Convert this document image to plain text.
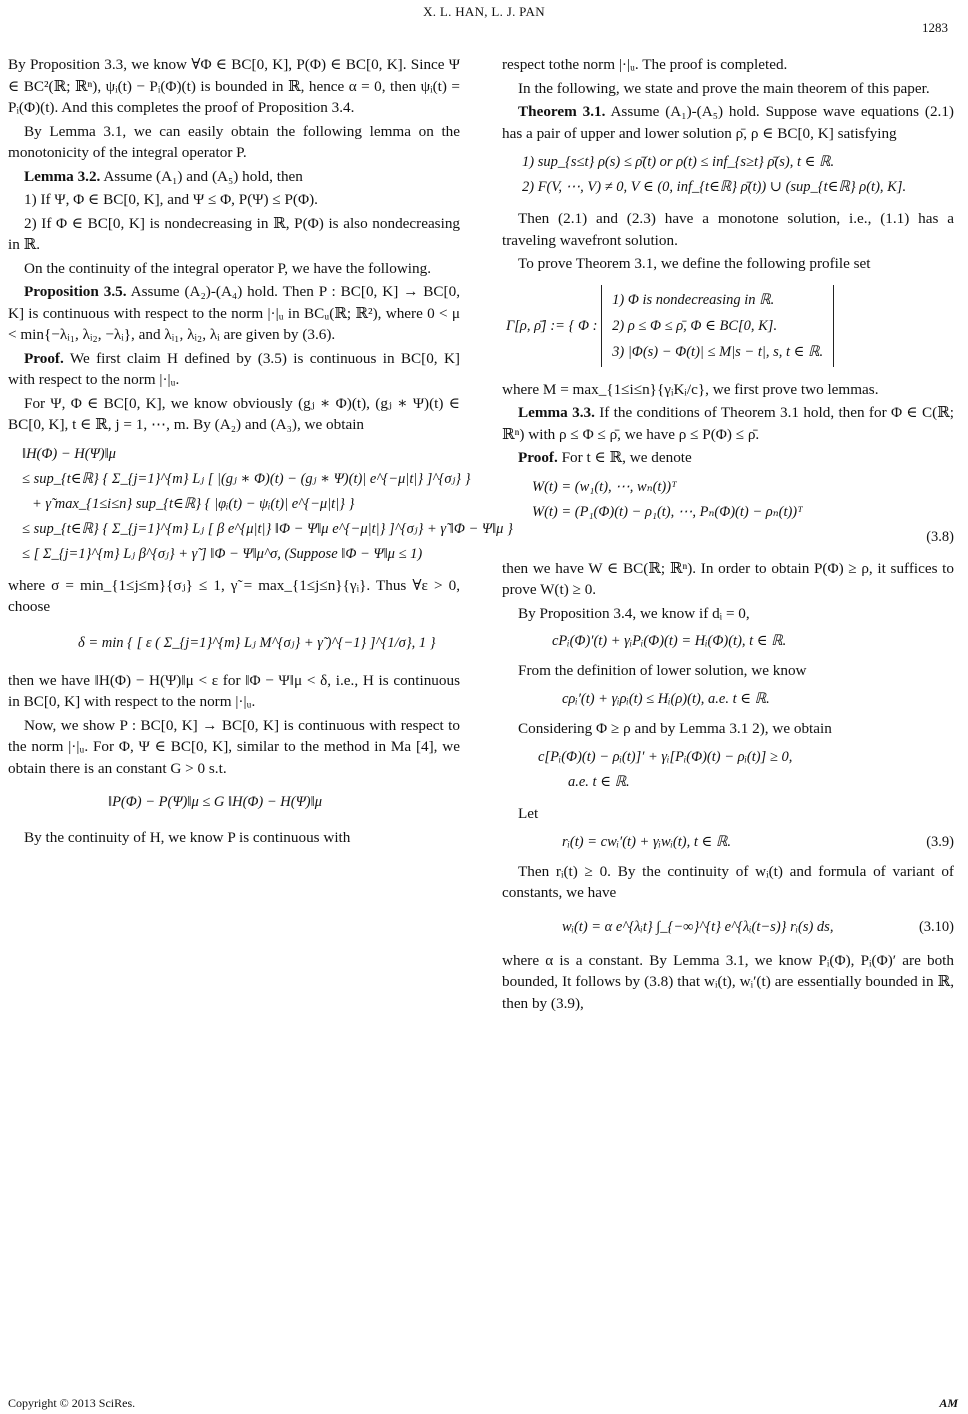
X. L. HAN, L. J. PAN
1283

By Proposition 3.3, we know ∀Φ ∈ BC[0, K], P(Φ) ∈ BC[0, K]. Since Ψ ∈ BC²(ℝ; ℝⁿ), ψᵢ(t) − Pᵢ(Φ)(t) is bounded in ℝ, hence α = 0, then ψᵢ(t) = Pᵢ(Φ)(t). And this completes the proof of Proposition 3.4.

By Lemma 3.1, we can easily obtain the following lemma on the monotonicity of the integral operator P.

Lemma 3.2. Assume (A₁) and (A₅) hold, then

1) If Ψ, Φ ∈ BC[0, K], and Ψ ≤ Φ, P(Ψ) ≤ P(Φ).

2) If Φ ∈ BC[0, K] is nondecreasing in ℝ, P(Φ) is also nondecreasing in ℝ.

On the continuity of the integral operator P, we have the following.

Proposition 3.5. Assume (A₂)-(A₄) hold. Then P : BC[0, K] → BC[0, K] is continuous with respect to the norm |·|ᵤ in BCᵤ(ℝ; ℝ²), where 0 < μ < min{−λᵢ₁, λᵢ₂, −λᵢ}, and λᵢ₁, λᵢ₂, λᵢ are given by (3.6).

Proof. We first claim H defined by (3.5) is continuous in BC[0, K] with respect to the norm |·|ᵤ.

For Ψ, Φ ∈ BC[0, K], we know obviously (gⱼ ∗ Φ)(t), (gⱼ ∗ Ψ)(t) ∈ BC[0, K], t ∈ ℝ, j = 1, ⋯, m. By (A₂) and (A₃), we obtain

‖H(Φ) − H(Ψ)‖μ
≤ sup_{t∈ℝ} { Σ_{j=1}^{m} Lⱼ [ |(gⱼ ∗ Φ)(t) − (gⱼ ∗ Ψ)(t)| e^{−μ|t|} ]^{σⱼ} }
+ γ̃ max_{1≤i≤n} sup_{t∈ℝ} { |φᵢ(t) − ψᵢ(t)| e^{−μ|t|} }
≤ sup_{t∈ℝ} { Σ_{j=1}^{m} Lⱼ [ β e^{μ|t|} ‖Φ − Ψ‖μ e^{−μ|t|} ]^{σⱼ} + γ̃ ‖Φ − Ψ‖μ }
≤ [ Σ_{j=1}^{m} Lⱼ β^{σⱼ} + γ̃ ] ‖Φ − Ψ‖μ^σ, (Suppose ‖Φ − Ψ‖μ ≤ 1)

where σ = min_{1≤j≤m}{σⱼ} ≤ 1, γ̃ = max_{1≤j≤n}{γᵢ}. Thus ∀ε > 0, choose

δ = min { [ ε ( Σ_{j=1}^{m} Lⱼ M^{σⱼ} + γ̃ )^{−1} ]^{1/σ}, 1 }

then we have ‖H(Φ) − H(Ψ)‖μ < ε for ‖Φ − Ψ‖μ < δ, i.e., H is continuous in BC[0, K] with respect to the norm |·|ᵤ.

Now, we show P : BC[0, K] → BC[0, K] is continuous with respect to the norm |·|ᵤ. For Φ, Ψ ∈ BC[0, K], similar to the method in Ma [4], we obtain there is an constant G > 0 s.t.

‖P(Φ) − P(Ψ)‖μ ≤ G ‖H(Φ) − H(Ψ)‖μ

By the continuity of H, we know P is continuous with

respect tothe norm |·|ᵤ. The proof is completed.

In the following, we state and prove the main theorem of this paper.

Theorem 3.1. Assume (A₁)-(A₅) hold. Suppose wave equations (2.1) has a pair of upper and lower solution ρ̄, ρ ∈ BC[0, K] satisfying

1) sup_{s≤t} ρ(s) ≤ ρ̄(t) or ρ(t) ≤ inf_{s≥t} ρ̄(s), t ∈ ℝ.
2) F(V, ⋯, V) ≠ 0, V ∈ (0, inf_{t∈ℝ} ρ̄(t)) ∪ (sup_{t∈ℝ} ρ(t), K].

Then (2.1) and (2.3) have a monotone solution, i.e., (1.1) has a traveling wavefront solution.

To prove Theorem 3.1, we define the following profile set

Γ[ρ, ρ̄] := { Φ :
1) Φ is nondecreasing in ℝ.
2) ρ ≤ Φ ≤ ρ̄, Φ ∈ BC[0, K].
3) |Φ(s) − Φ(t)| ≤ M|s − t|, s, t ∈ ℝ.

where M = max_{1≤i≤n}{γᵢKᵢ/c}, we first prove two lemmas.

Lemma 3.3. If the conditions of Theorem 3.1 hold, then for Φ ∈ C(ℝ; ℝⁿ) with ρ ≤ Φ ≤ ρ̄, we have ρ ≤ P(Φ) ≤ ρ̄.

Proof. For t ∈ ℝ, we denote

W(t) = (w₁(t), ⋯, wₙ(t))ᵀ
W(t) = (P₁(Φ)(t) − ρ₁(t), ⋯, Pₙ(Φ)(t) − ρₙ(t))ᵀ
(3.8)

then we have W ∈ BC(ℝ; ℝⁿ). In order to obtain P(Φ) ≥ ρ, it suffices to prove W(t) ≥ 0.

By Proposition 3.4, we know if dᵢ = 0,

cPᵢ(Φ)′(t) + γᵢPᵢ(Φ)(t) = Hᵢ(Φ)(t), t ∈ ℝ.

From the definition of lower solution, we know

cρᵢ′(t) + γᵢρᵢ(t) ≤ Hᵢ(ρ)(t), a.e. t ∈ ℝ.

Considering Φ ≥ ρ and by Lemma 3.1 2), we obtain

c[Pᵢ(Φ)(t) − ρᵢ(t)]′ + γᵢ[Pᵢ(Φ)(t) − ρᵢ(t)] ≥ 0,
a.e. t ∈ ℝ.

Let

rᵢ(t) = cwᵢ′(t) + γᵢwᵢ(t), t ∈ ℝ.	(3.9)

Then rᵢ(t) ≥ 0. By the continuity of wᵢ(t) and formula of variant of constants, we have

wᵢ(t) = α e^{λᵢt} ∫_{−∞}^{t} e^{λᵢ(t−s)} rᵢ(s) ds,	(3.10)

where α is a constant. By Lemma 3.1, we know Pᵢ(Φ), Pᵢ(Φ)′ are both bounded, It follows by (3.8) that wᵢ(t), wᵢ′(t) are essentially bounded in ℝ, then by (3.9),

Copyright © 2013 SciRes.	AM
